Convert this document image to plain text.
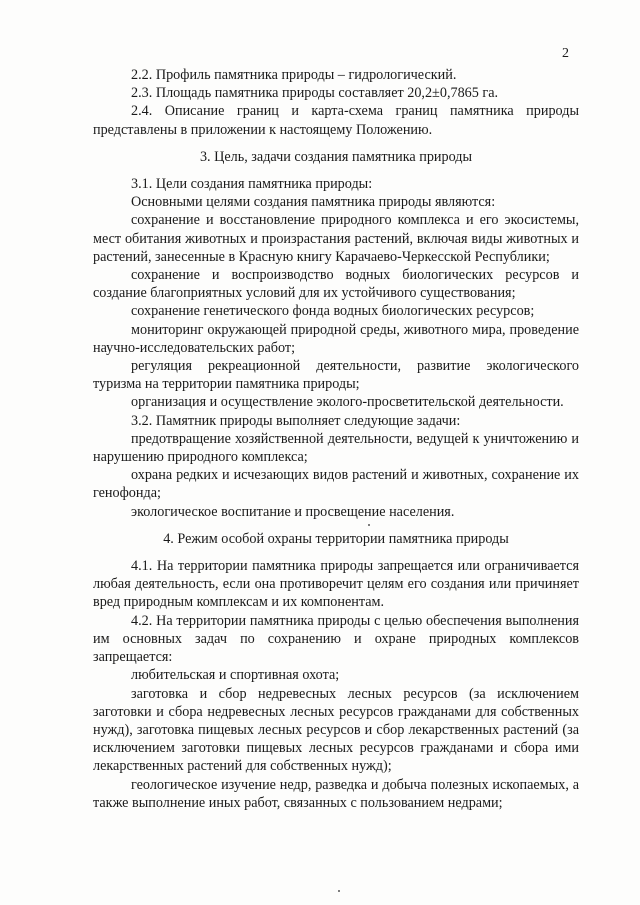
2

2.2. Профиль памятника природы – гидрологический.

2.3. Площадь памятника природы составляет 20,2±0,7865 га.

2.4. Описание границ и карта-схема границ памятника природы представлены в приложении к настоящему Положению.

3. Цель, задачи создания памятника природы

3.1. Цели создания памятника природы:

Основными целями создания памятника природы являются:

сохранение и восстановление природного комплекса и его экосистемы, мест обитания животных и произрастания растений, включая виды животных и растений, занесенные в Красную книгу Карачаево-Черкесской Республики;

сохранение и воспроизводство водных биологических ресурсов и создание благоприятных условий для их устойчивого существования;

сохранение генетического фонда водных биологических ресурсов;

мониторинг окружающей природной среды, животного мира, проведение научно-исследовательских работ;

регуляция рекреационной деятельности, развитие экологического туризма на территории памятника природы;

организация и осуществление эколого-просветительской деятельности.

3.2. Памятник природы выполняет следующие задачи:

предотвращение хозяйственной деятельности, ведущей к уничтожению и нарушению природного комплекса;

охрана редких и исчезающих видов растений и животных, сохранение их генофонда;

экологическое воспитание и просвещение населения.

4. Режим особой охраны территории памятника природы

4.1. На территории памятника природы запрещается или ограничивается любая деятельность, если она противоречит целям его создания или причиняет вред природным комплексам и их компонентам.

4.2. На территории памятника природы с целью обеспечения выполнения им основных задач по сохранению и охране природных комплексов запрещается:

любительская и спортивная охота;

заготовка и сбор недревесных лесных ресурсов (за исключением заготовки и сбора недревесных лесных ресурсов гражданами для собственных нужд), заготовка пищевых лесных ресурсов и сбор лекарственных растений (за исключением заготовки пищевых лесных ресурсов гражданами и сбора ими лекарственных растений для собственных нужд);

геологическое изучение недр, разведка и добыча полезных ископаемых, а также выполнение иных работ, связанных с пользованием недрами;
